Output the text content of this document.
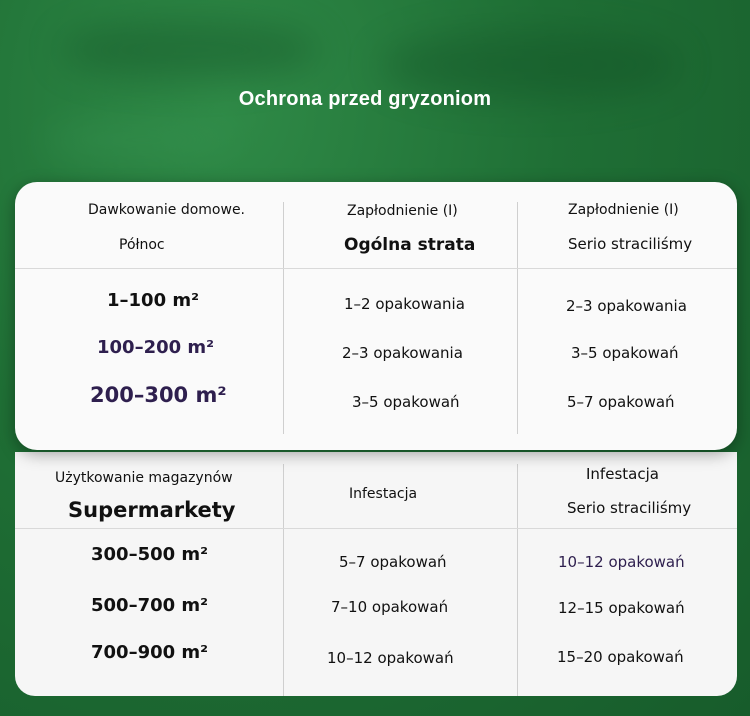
Ochrona przed gryzoniom
Dawkowanie domowe.
Północ
Zapłodnienie (I)
Ogólna strata
Zapłodnienie (I)
Serio straciliśmy
1–100 m²
100–200 m²
200–300 m²
1–2 opakowania
2–3 opakowania
3–5 opakowań
2–3 opakowania
3–5 opakowań
5–7 opakowań
Użytkowanie magazynów
Supermarkety
Infestacja
Infestacja
Serio straciliśmy
300–500 m²
500–700 m²
700–900 m²
5–7 opakowań
7–10 opakowań
10–12 opakowań
10–12 opakowań
12–15 opakowań
15–20 opakowań
